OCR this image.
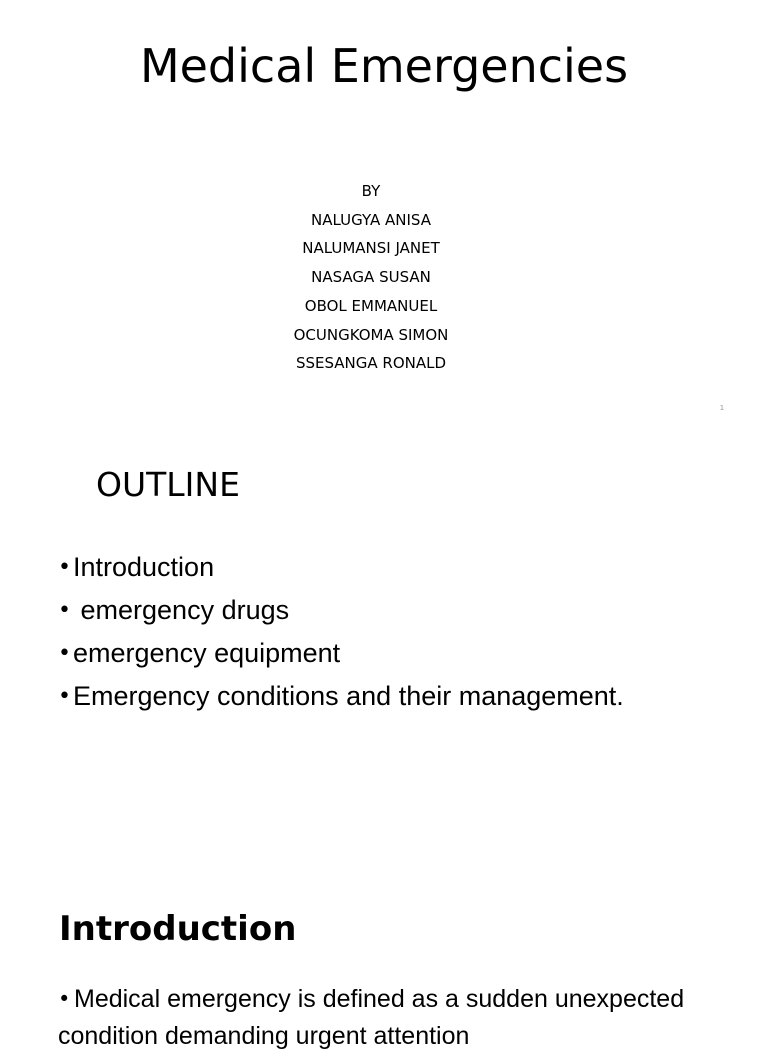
Medical Emergencies
BY
NALUGYA ANISA
NALUMANSI JANET
NASAGA SUSAN
OBOL EMMANUEL
OCUNGKOMA SIMON
SSESANGA RONALD
1
OUTLINE
•Introduction
• emergency drugs
•emergency equipment
•Emergency conditions and their management.
Introduction
• Medical emergency is defined as a sudden unexpected condition demanding urgent attention
